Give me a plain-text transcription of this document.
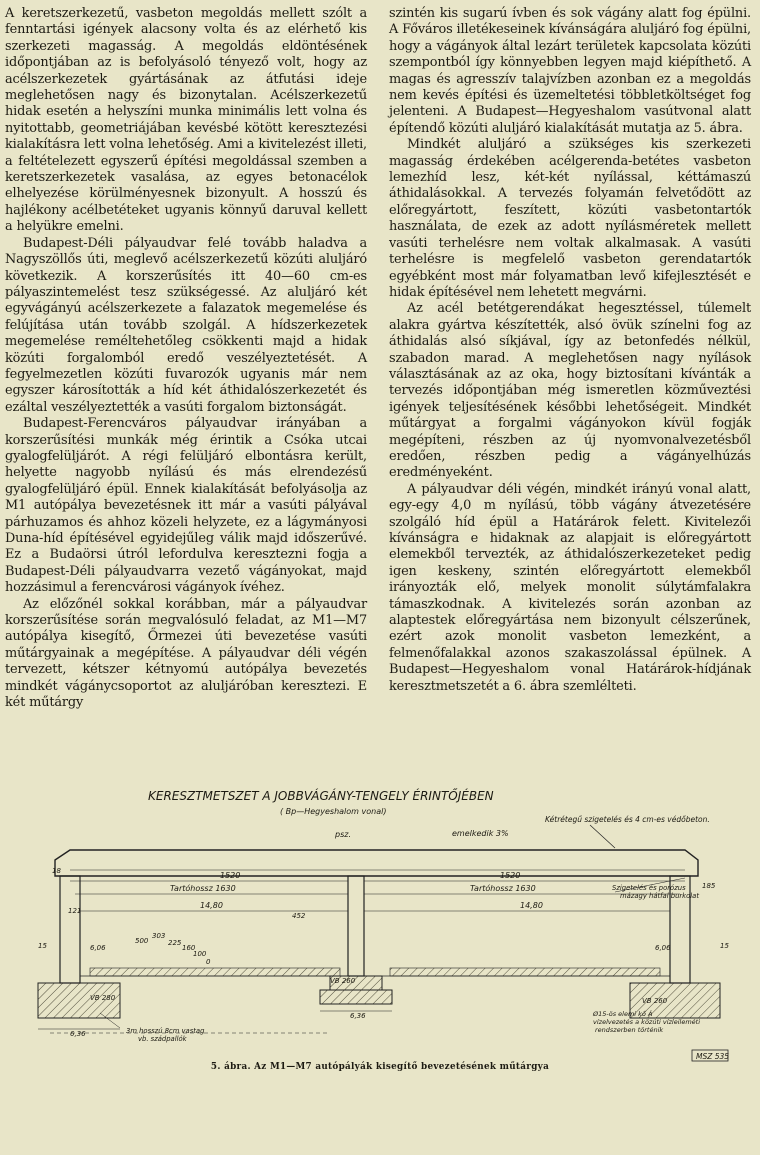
A keretszerkezetű, vasbeton megoldás mellett szólt a fenntartási igények alacsony volta és az elérhető kis szerkezeti magasság. A megoldás eldöntésének időpontjában az is befolyásoló tényező volt, hogy az acélszerkezetek gyártásának az átfutási ideje meglehetősen nagy és bizonytalan. Acélszerkezetű hidak esetén a helyszíni munka minimális lett volna és nyitottabb, geometriájában kevésbé kötött keresztezési kialakításra lett volna lehetőség. Ami a kivitelezést illeti, a feltételezett egyszerű építési megoldással szemben a keretszerkezetek vasalása, az egyes betonacélok elhelyezése körülményesnek bizonyult. A hosszú és hajlékony acélbetéteket ugyanis könnyű daruval kellett a helyükre emelni.

Budapest-Déli pályaudvar felé tovább haladva a Nagyszöllős úti, meglevő acélszerkezetű közúti aluljáró következik. A korszerűsítés itt 40—60 cm-es pályaszintemelést tesz szükségessé. Az aluljáró két egyvágányú acélszerkezete a falazatok megemelése és felújítása után tovább szolgál. A hídszerkezetek megemelése reméltehetőleg csökkenti majd a hidak közúti forgalomból eredő veszélyeztetését. A fegyelmezetlen közúti fuvarozók ugyanis már nem egyszer károsították a híd két áthidalószerkezetét és ezáltal veszélyeztették a vasúti forgalom biztonságát.

Budapest-Ferencváros pályaudvar irányában a korszerűsítési munkák még érintik a Csóka utcai gyalogfelüljárót. A régi felüljáró elbontásra került, helyette nagyobb nyílású és más elrendezésű gyalogfelüljáró épül. Ennek kialakítását befolyásolja az M1 autópálya bevezetésnek itt már a vasúti pályával párhuzamos és ahhoz közeli helyzete, ez a lágymányosi Duna-híd építésével egyidejűleg válik majd időszerűvé. Ez a Budaörsi útról lefordulva keresztezni fogja a Budapest-Déli pályaudvarra vezető vágányokat, majd hozzásimul a ferencvárosi vágányok ívéhez.

Az előzőnél sokkal korábban, már a pályaudvar korszerűsítése során megvalósuló feladat, az M1—M7 autópálya kisegítő, Őrmezei úti bevezetése vasúti műtárgyainak a megépítése. A pályaudvar déli végén tervezett, kétszer kétnyomú autópálya bevezetés mindkét vágánycsoportot az aluljáróban keresztezi. E két műtárgy

szintén kis sugarú ívben és sok vágány alatt fog épülni. A Főváros illetékeseinek kívánságára aluljáró fog épülni, hogy a vágányok által lezárt területek kapcsolata közúti szempontból így könnyebben legyen majd kiépíthető. A magas és agresszív talajvízben azonban ez a megoldás nem kevés építési és üzemeltetési többletköltséget fog jelenteni. A Budapest—Hegyeshalom vasútvonal alatt építendő közúti aluljáró kialakítását mutatja az 5. ábra.

Mindkét aluljáró a szükséges kis szerkezeti magasság érdekében acélgerenda-betétes vasbeton lemezhíd lesz, két-két nyílással, kéttámaszú áthidalásokkal. A tervezés folyamán felvetődött az előregyártott, feszített, közúti vasbetontartók használata, de ezek az adott nyílásméretek mellett vasúti terhelésre nem voltak alkalmasak. A vasúti terhelésre is megfelelő vasbeton gerendatartók egyébként most már folyamatban levő kifejlesztését e hidak építésével nem lehetett megvárni.

Az acél betétgerendákat hegesztéssel, túlemelt alakra gyártva készítették, alsó övük színelni fog az áthidalás alsó síkjával, így az betonfedés nélkül, szabadon marad. A meglehetősen nagy nyílások választásának az az oka, hogy biztosítani kívánták a tervezés időpontjában még ismeretlen közműveztési igények teljesítésének későbbi lehetőségeit. Mindkét műtárgyat a forgalmi vágányokon kívül fogják megépíteni, részben az új nyomvonalvezetésből eredően, részben pedig a vágányelhúzás eredményeként.

A pályaudvar déli végén, mindkét irányú vonal alatt, egy-egy 4,0 m nyílású, több vágány átvezetésére szolgáló híd épül a Határárok felett. Kivitelezői kívánságra e hidaknak az alapjait is előregyártott elemekből tervezték, az áthidalószerkezeteket pedig igen keskeny, szintén előregyártott elemekből irányozták elő, melyek monolit súlytámfalakra támaszkodnak. A kivitelezés során azonban az alaptestek előregyártása nem bizonyult célszerűnek, ezért azok monolit vasbeton lemezként, a felmenőfalakkal azonos szakaszolással épülnek. A Budapest—Hegyeshalom vonal Határárok-hídjának keresztmetszetét a 6. ábra szemlélteti.

KERESZTMETSZET A JOBBVÁGÁNY-TENGELY ÉRINTŐJÉBEN
( Bp—Hegyeshalom vonal)
psz.	emelkedik 3%
Kétrétegű szigetelés és 4 cm-es védőbeton.
1520	1520
Tartóhossz 1630	Tartóhossz 1630
14,80	14,80
15	15
18
185
121
452
500
303
225
160
100
0
6,06	6,06
6,36
6,36
VB 280
VB 260
VB 260
Szigetelés és porózus
mázagy hátfal burkolat
3m hosszú 8cm vastag
vb. szádpallók
Ø15-ös elemi kő Á
vízelvezetés a közúti vízleileméti
rendszerben történik
MSZ 535
5. ábra. Az M1—M7 autópályák kisegítő bevezetésének műtárgya
